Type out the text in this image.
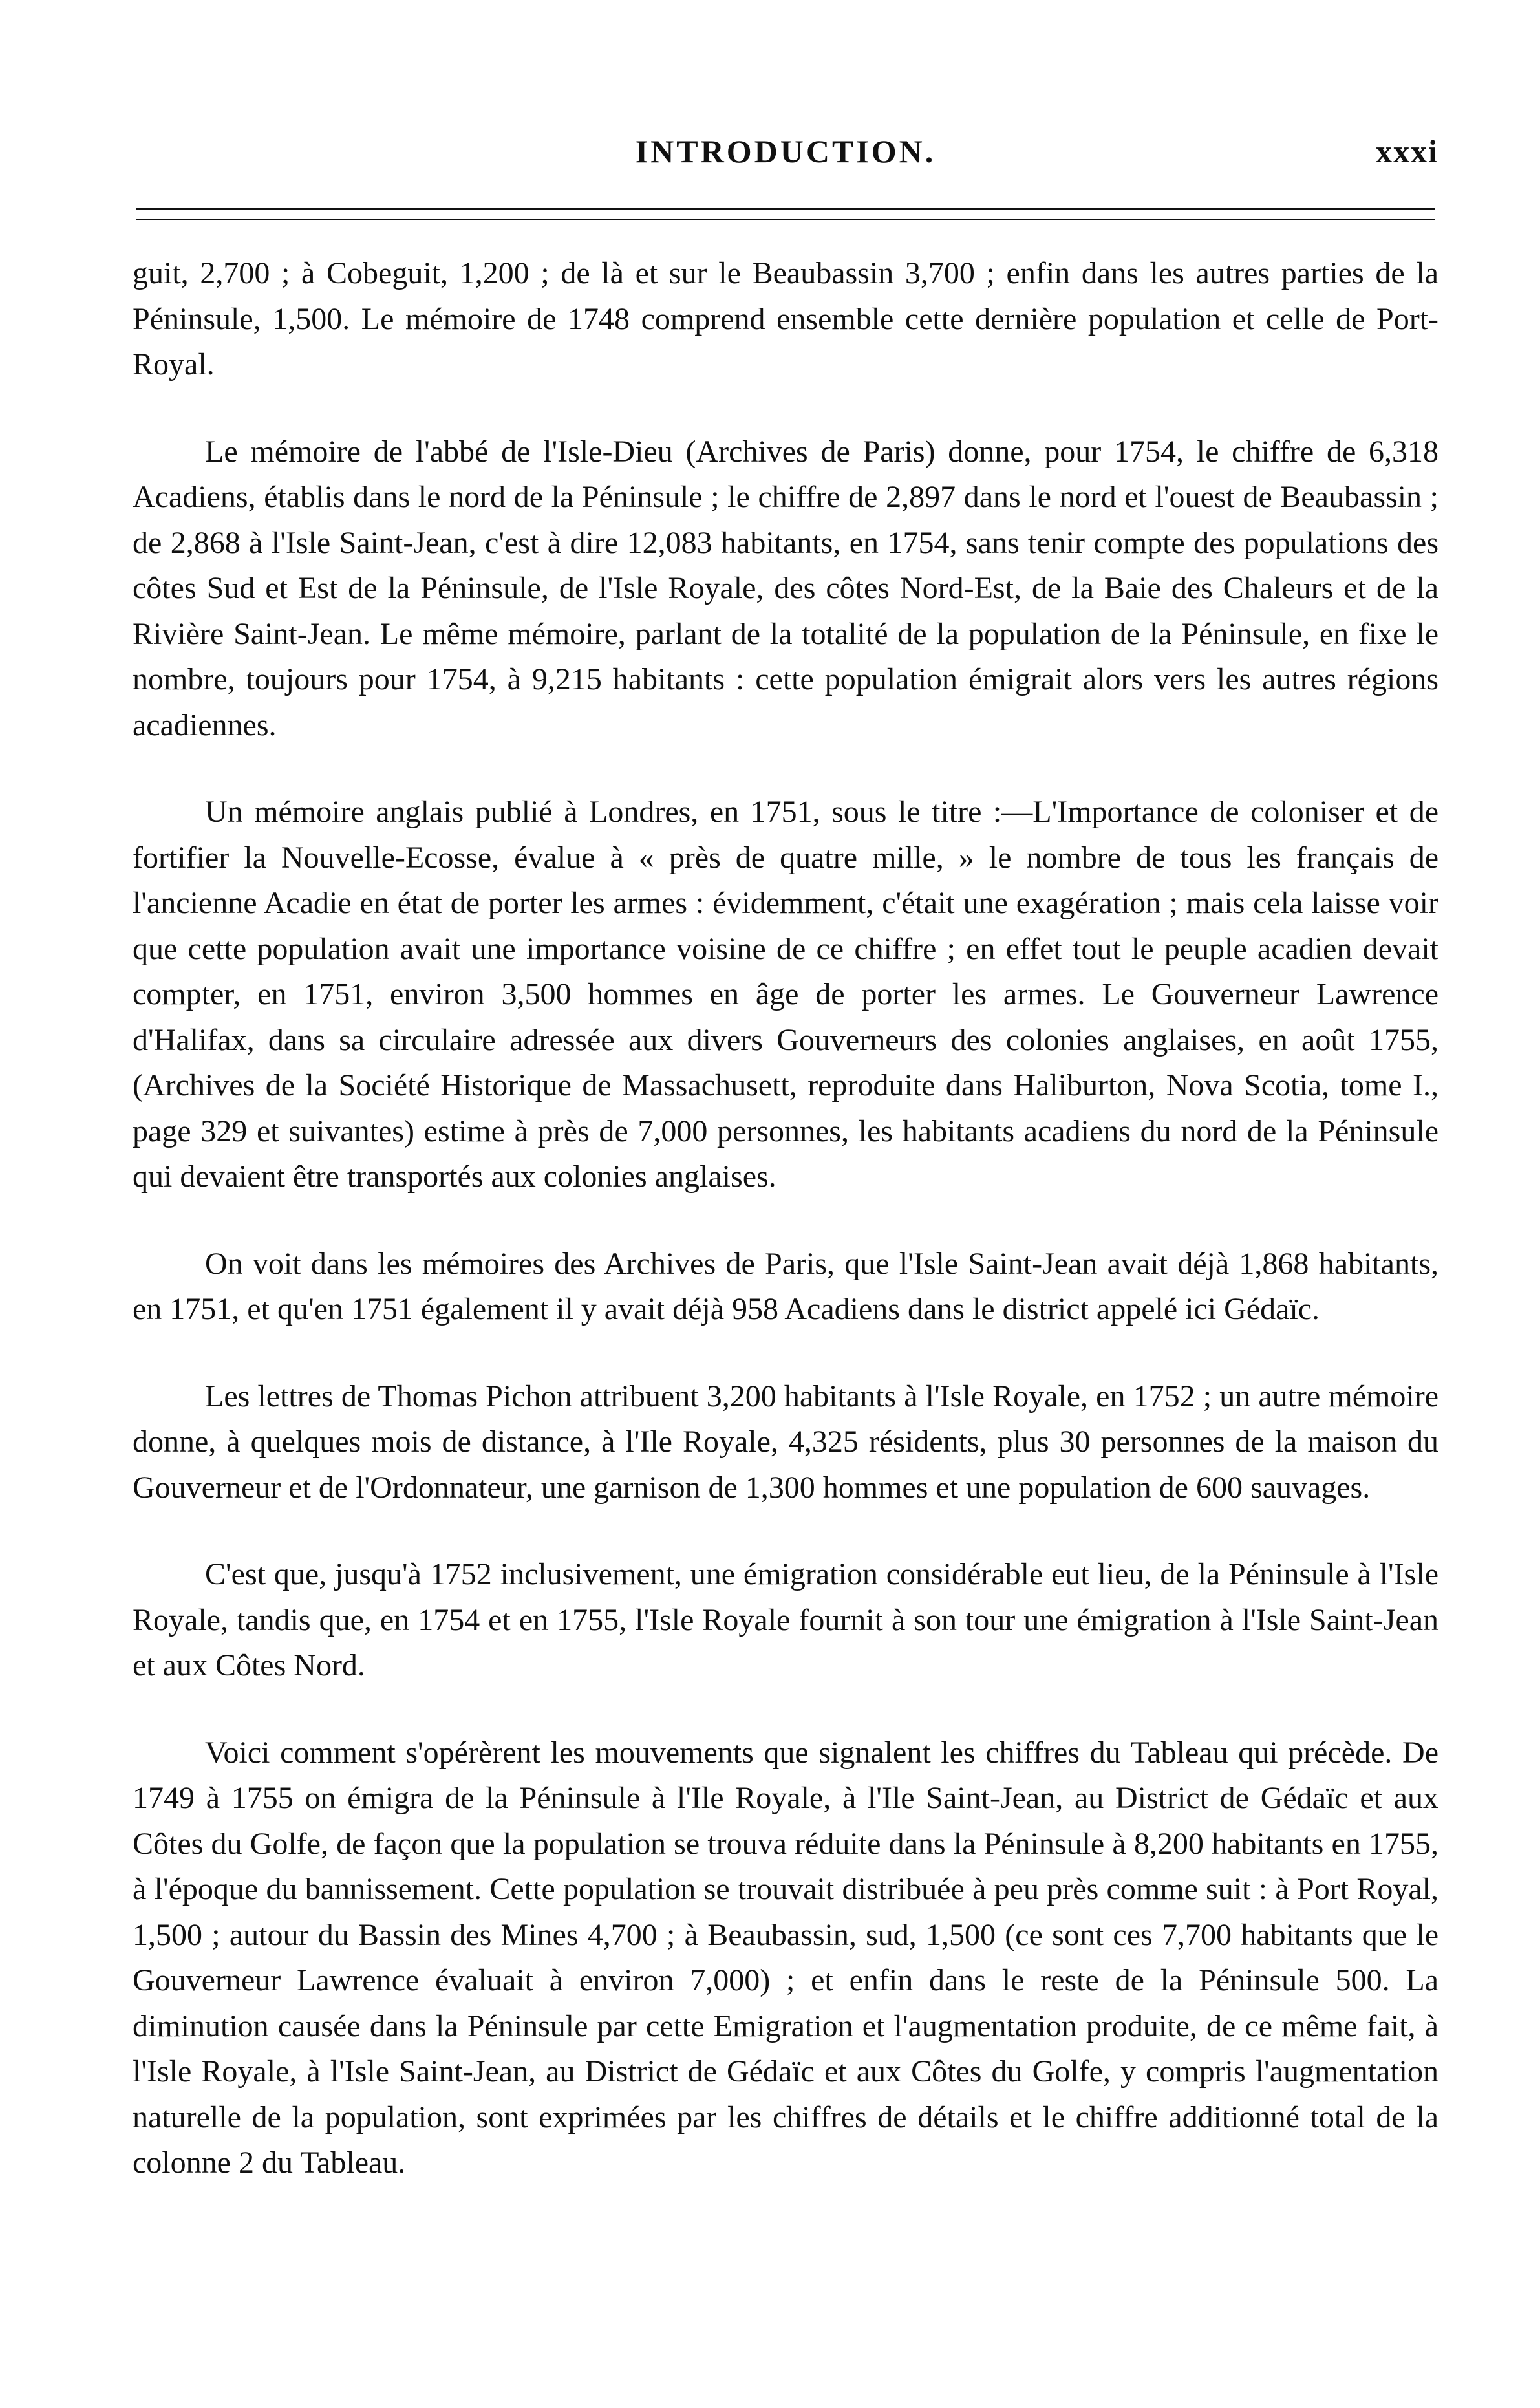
INTRODUCTION.	xxxi

guit, 2,700 ; à Cobeguit, 1,200 ; de là et sur le Beaubassin 3,700 ; enfin dans les autres parties de la Péninsule, 1,500. Le mémoire de 1748 comprend ensemble cette dernière population et celle de Port-Royal.

Le mémoire de l'abbé de l'Isle-Dieu (Archives de Paris) donne, pour 1754, le chiffre de 6,318 Acadiens, établis dans le nord de la Péninsule ; le chiffre de 2,897 dans le nord et l'ouest de Beaubassin ; de 2,868 à l'Isle Saint-Jean, c'est à dire 12,083 habitants, en 1754, sans tenir compte des populations des côtes Sud et Est de la Péninsule, de l'Isle Royale, des côtes Nord-Est, de la Baie des Chaleurs et de la Rivière Saint-Jean. Le même mémoire, parlant de la totalité de la population de la Péninsule, en fixe le nombre, toujours pour 1754, à 9,215 habitants : cette population émigrait alors vers les autres régions acadiennes.

Un mémoire anglais publié à Londres, en 1751, sous le titre :—L'Importance de coloniser et de fortifier la Nouvelle-Ecosse, évalue à « près de quatre mille, » le nombre de tous les français de l'ancienne Acadie en état de porter les armes : évidemment, c'était une exagération ; mais cela laisse voir que cette population avait une importance voisine de ce chiffre ; en effet tout le peuple acadien devait compter, en 1751, environ 3,500 hommes en âge de porter les armes. Le Gouverneur Lawrence d'Halifax, dans sa circulaire adressée aux divers Gouverneurs des colonies anglaises, en août 1755, (Archives de la Société Historique de Massachusett, reproduite dans Haliburton, Nova Scotia, tome I., page 329 et suivantes) estime à près de 7,000 personnes, les habitants acadiens du nord de la Péninsule qui devaient être transportés aux colonies anglaises.

On voit dans les mémoires des Archives de Paris, que l'Isle Saint-Jean avait déjà 1,868 habitants, en 1751, et qu'en 1751 également il y avait déjà 958 Acadiens dans le district appelé ici Gédaïc.

Les lettres de Thomas Pichon attribuent 3,200 habitants à l'Isle Royale, en 1752 ; un autre mémoire donne, à quelques mois de distance, à l'Ile Royale, 4,325 résidents, plus 30 personnes de la maison du Gouverneur et de l'Ordonnateur, une garnison de 1,300 hommes et une population de 600 sauvages.

C'est que, jusqu'à 1752 inclusivement, une émigration considérable eut lieu, de la Péninsule à l'Isle Royale, tandis que, en 1754 et en 1755, l'Isle Royale fournit à son tour une émigration à l'Isle Saint-Jean et aux Côtes Nord.

Voici comment s'opérèrent les mouvements que signalent les chiffres du Tableau qui précède. De 1749 à 1755 on émigra de la Péninsule à l'Ile Royale, à l'Ile Saint-Jean, au District de Gédaïc et aux Côtes du Golfe, de façon que la population se trouva réduite dans la Péninsule à 8,200 habitants en 1755, à l'époque du bannissement. Cette population se trouvait distribuée à peu près comme suit : à Port Royal, 1,500 ; autour du Bassin des Mines 4,700 ; à Beaubassin, sud, 1,500 (ce sont ces 7,700 habitants que le Gouverneur Lawrence évaluait à environ 7,000) ; et enfin dans le reste de la Péninsule 500. La diminution causée dans la Péninsule par cette Emigration et l'augmentation produite, de ce même fait, à l'Isle Royale, à l'Isle Saint-Jean, au District de Gédaïc et aux Côtes du Golfe, y compris l'augmentation naturelle de la population, sont exprimées par les chiffres de détails et le chiffre additionné total de la colonne 2 du Tableau.
